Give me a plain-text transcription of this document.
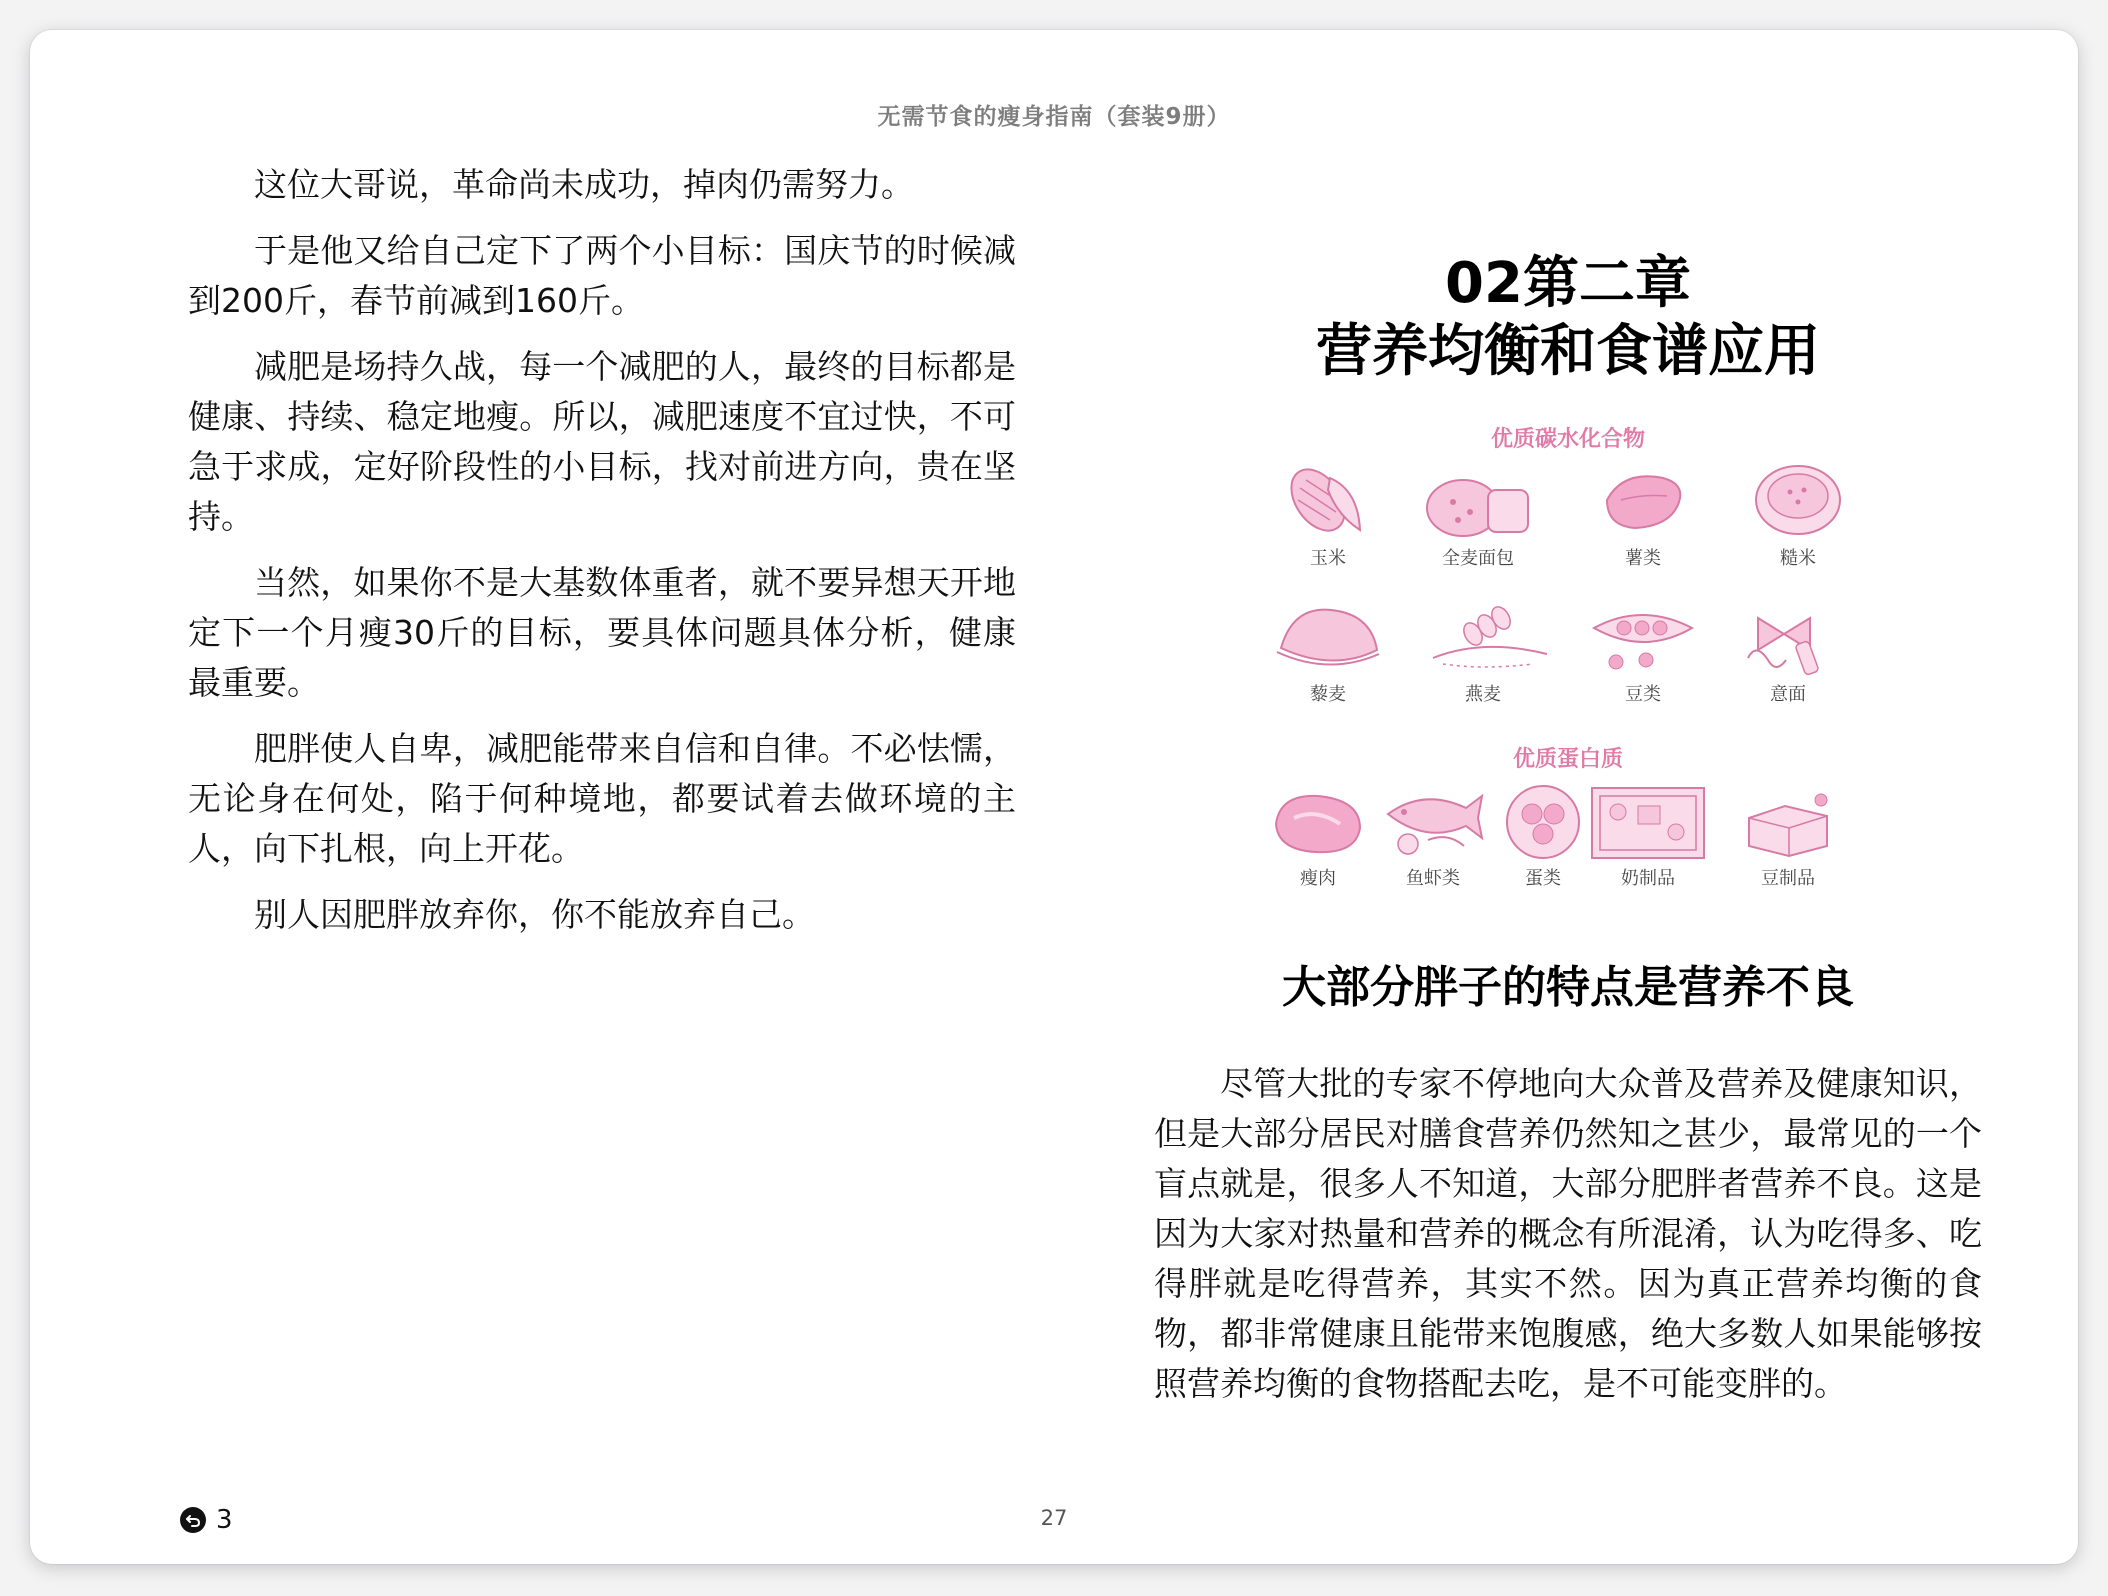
无需节食的瘦身指南（套装9册）

这位大哥说，革命尚未成功，掉肉仍需努力。

于是他又给自己定下了两个小目标：国庆节的时候减到200斤，春节前减到160斤。

减肥是场持久战，每一个减肥的人，最终的目标都是健康、持续、稳定地瘦。所以，减肥速度不宜过快，不可急于求成，定好阶段性的小目标，找对前进方向，贵在坚持。

当然，如果你不是大基数体重者，就不要异想天开地定下一个月瘦30斤的目标，要具体问题具体分析，健康最重要。

肥胖使人自卑，减肥能带来自信和自律。不必怯懦，无论身在何处，陷于何种境地，都要试着去做环境的主人，向下扎根，向上开花。

别人因肥胖放弃你，你不能放弃自己。

02第二章
营养均衡和食谱应用
优质碳水化合物
玉米	全麦面包	薯类	糙米
藜麦	燕麦	豆类	意面
优质蛋白质
瘦肉	鱼虾类	蛋类	奶制品	豆制品
大部分胖子的特点是营养不良

尽管大批的专家不停地向大众普及营养及健康知识，但是大部分居民对膳食营养仍然知之甚少，最常见的一个盲点就是，很多人不知道，大部分肥胖者营养不良。这是因为大家对热量和营养的概念有所混淆，认为吃得多、吃得胖就是吃得营养，其实不然。因为真正营养均衡的食物，都非常健康且能带来饱腹感，绝大多数人如果能够按照营养均衡的食物搭配去吃，是不可能变胖的。

3	27
